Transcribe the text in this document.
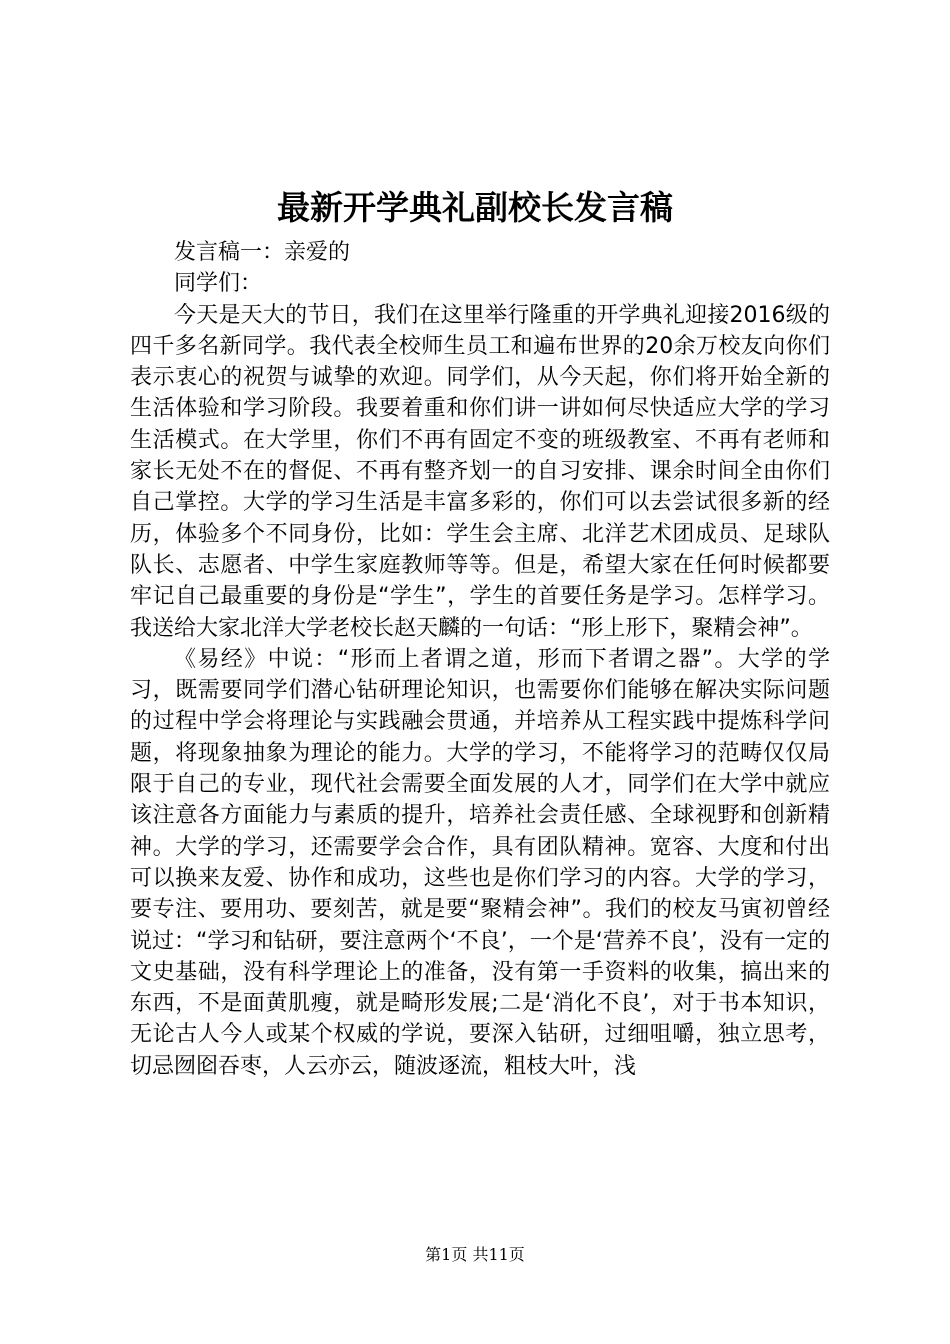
最新开学典礼副校长发言稿

发言稿一：亲爱的

同学们：

今天是天大的节日，我们在这里举行隆重的开学典礼迎接2016级的四千多名新同学。我代表全校师生员工和遍布世界的20余万校友向你们表示衷心的祝贺与诚挚的欢迎。同学们，从今天起，你们将开始全新的生活体验和学习阶段。我要着重和你们讲一讲如何尽快适应大学的学习生活模式。在大学里，你们不再有固定不变的班级教室、不再有老师和家长无处不在的督促、不再有整齐划一的自习安排、课余时间全由你们自己掌控。大学的学习生活是丰富多彩的，你们可以去尝试很多新的经历，体验多个不同身份，比如：学生会主席、北洋艺术团成员、足球队队长、志愿者、中学生家庭教师等等。但是，希望大家在任何时候都要牢记自己最重要的身份是“学生”，学生的首要任务是学习。怎样学习。我送给大家北洋大学老校长赵天麟的一句话：“形上形下，聚精会神”。

《易经》中说：“形而上者谓之道，形而下者谓之器”。大学的学习，既需要同学们潜心钻研理论知识，也需要你们能够在解决实际问题的过程中学会将理论与实践融会贯通，并培养从工程实践中提炼科学问题，将现象抽象为理论的能力。大学的学习，不能将学习的范畴仅仅局限于自己的专业，现代社会需要全面发展的人才，同学们在大学中就应该注意各方面能力与素质的提升，培养社会责任感、全球视野和创新精神。大学的学习，还需要学会合作，具有团队精神。宽容、大度和付出可以换来友爱、协作和成功，这些也是你们学习的内容。大学的学习，要专注、要用功、要刻苦，就是要“聚精会神”。我们的校友马寅初曾经说过：“学习和钻研，要注意两个‘不良’，一个是‘营养不良’，没有一定的文史基础，没有科学理论上的准备，没有第一手资料的收集，搞出来的东西，不是面黄肌瘦，就是畸形发展;二是‘消化不良’，对于书本知识，无论古人今人或某个权威的学说，要深入钻研，过细咀嚼，独立思考，切忌囫囵吞枣，人云亦云，随波逐流，粗枝大叶，浅

第1页 共11页
